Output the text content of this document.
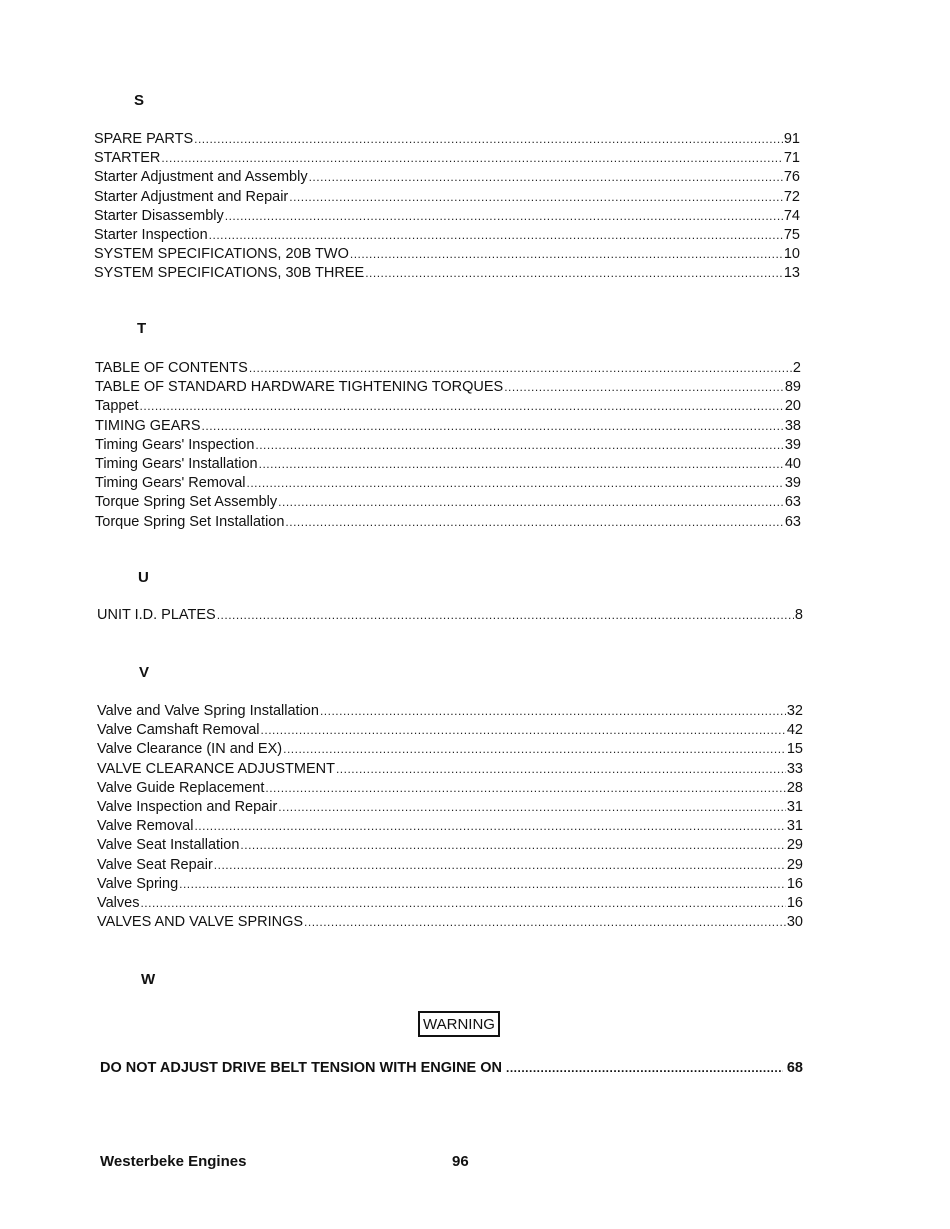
S
SPARE PARTS .....	91
STARTER .....	71
Starter Adjustment and Assembly .....	76
Starter Adjustment and Repair .....	72
Starter Disassembly .....	74
Starter Inspection .....	75
SYSTEM SPECIFICATIONS, 20B TWO .....	10
SYSTEM SPECIFICATIONS, 30B THREE .....	13
T
TABLE OF CONTENTS .....	2
TABLE OF STANDARD HARDWARE TIGHTENING TORQUES .....	89
Tappet .....	20
TIMING GEARS .....	38
Timing Gears' Inspection .....	39
Timing Gears' Installation .....	40
Timing Gears' Removal .....	39
Torque Spring Set Assembly .....	63
Torque Spring Set Installation .....	63
U
UNIT I.D. PLATES .....	8
V
Valve and Valve Spring Installation .....	32
Valve Camshaft Removal .....	42
Valve Clearance (IN and EX) .....	15
VALVE CLEARANCE ADJUSTMENT .....	33
Valve Guide Replacement .....	28
Valve Inspection and Repair .....	31
Valve Removal .....	31
Valve Seat Installation .....	29
Valve Seat Repair .....	29
Valve Spring .....	16
Valves .....	16
VALVES AND VALVE SPRINGS .....	30
W
WARNING
DO NOT ADJUST DRIVE BELT TENSION WITH ENGINE ON .....	68
Westerbeke Engines	96
